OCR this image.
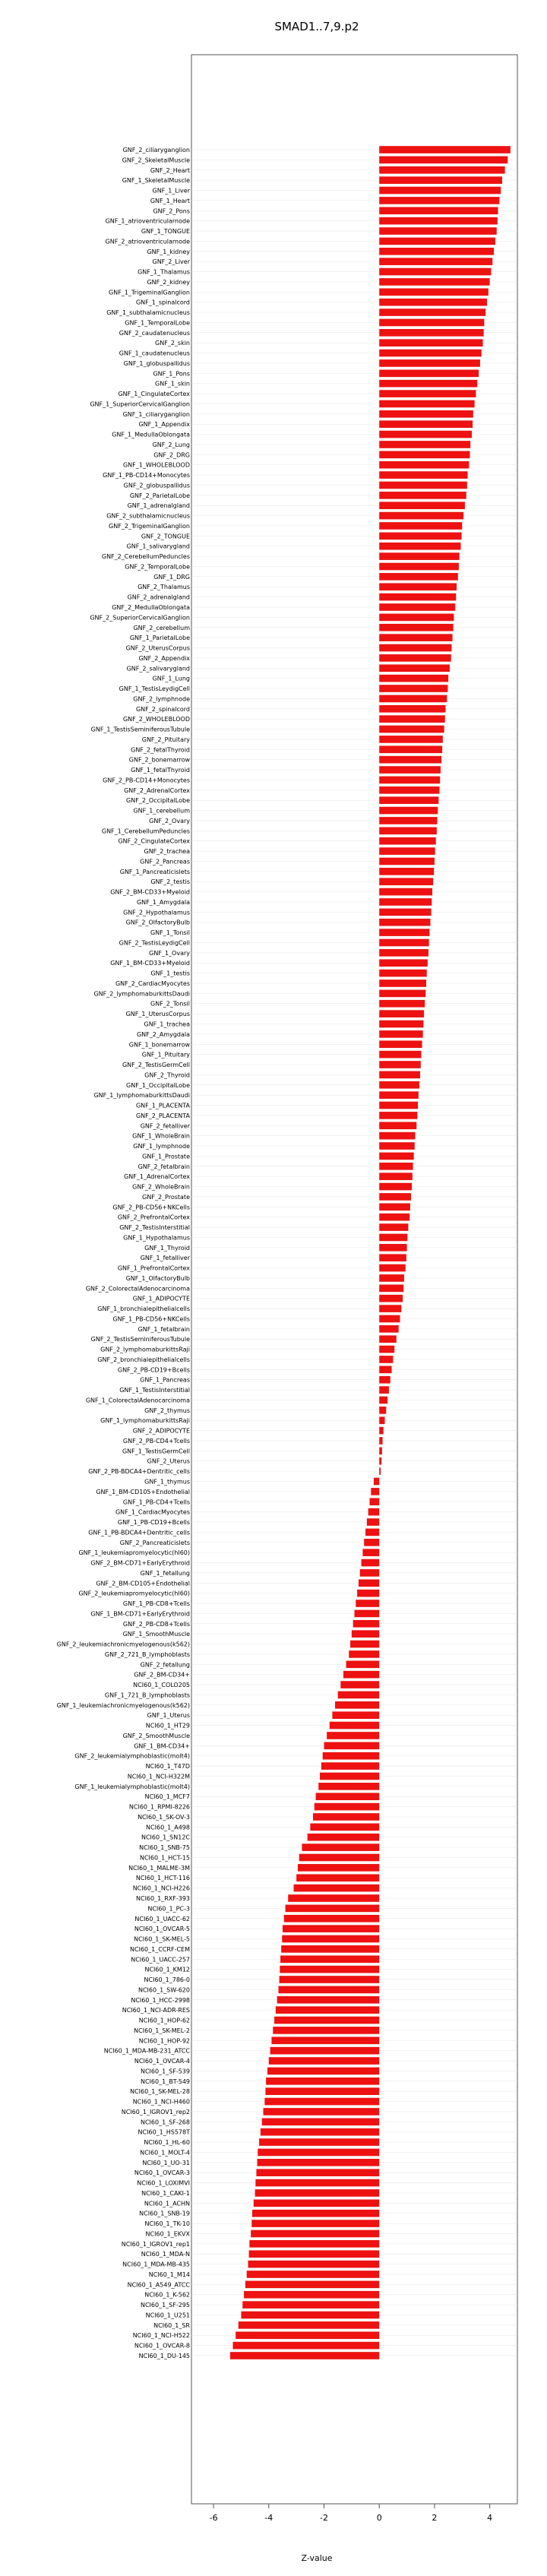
SMAD1..7,9.p2
GNF_2_ciliaryganglion
GNF_2_SkeletalMuscle
GNF_2_Heart
GNF_1_SkeletalMuscle
GNF_1_Liver
GNF_1_Heart
GNF_2_Pons
GNF_1_atrioventricularnode
GNF_1_TONGUE
GNF_2_atrioventricularnode
GNF_1_kidney
GNF_2_Liver
GNF_1_Thalamus
GNF_2_kidney
GNF_1_TrigeminalGanglion
GNF_1_spinalcord
GNF_1_subthalamicnucleus
GNF_1_TemporalLobe
GNF_2_caudatenucleus
GNF_2_skin
GNF_1_caudatenucleus
GNF_1_globuspallidus
GNF_1_Pons
GNF_1_skin
GNF_1_CingulateCortex
GNF_1_SuperiorCervicalGanglion
GNF_1_ciliaryganglion
GNF_1_Appendix
GNF_1_MedullaOblongata
GNF_2_Lung
GNF_2_DRG
GNF_1_WHOLEBLOOD
GNF_1_PB-CD14+Monocytes
GNF_2_globuspallidus
GNF_2_ParietalLobe
GNF_1_adrenalgland
GNF_2_subthalamicnucleus
GNF_2_TrigeminalGanglion
GNF_2_TONGUE
GNF_1_salivarygland
GNF_2_CerebellumPeduncles
GNF_2_TemporalLobe
GNF_1_DRG
GNF_2_Thalamus
GNF_2_adrenalgland
GNF_2_MedullaOblongata
GNF_2_SuperiorCervicalGanglion
GNF_2_cerebellum
GNF_1_ParietalLobe
GNF_2_UterusCorpus
GNF_2_Appendix
GNF_2_salivarygland
GNF_1_Lung
GNF_1_TestisLeydigCell
GNF_2_lymphnode
GNF_2_spinalcord
GNF_2_WHOLEBLOOD
GNF_1_TestisSeminiferousTubule
GNF_2_Pituitary
GNF_2_fetalThyroid
GNF_2_bonemarrow
GNF_1_fetalThyroid
GNF_2_PB-CD14+Monocytes
GNF_2_AdrenalCortex
GNF_2_OccipitalLobe
GNF_1_cerebellum
GNF_2_Ovary
GNF_1_CerebellumPeduncles
GNF_2_CingulateCortex
GNF_2_trachea
GNF_2_Pancreas
GNF_1_Pancreaticislets
GNF_2_testis
GNF_2_BM-CD33+Myeloid
GNF_1_Amygdala
GNF_2_Hypothalamus
GNF_2_OlfactoryBulb
GNF_1_Tonsil
GNF_2_TestisLeydigCell
GNF_1_Ovary
GNF_1_BM-CD33+Myeloid
GNF_1_testis
GNF_2_CardiacMyocytes
GNF_2_lymphomaburkittsDaudi
GNF_2_Tonsil
GNF_1_UterusCorpus
GNF_1_trachea
GNF_2_Amygdala
GNF_1_bonemarrow
GNF_1_Pituitary
GNF_2_TestisGermCell
GNF_2_Thyroid
GNF_1_OccipitalLobe
GNF_1_lymphomaburkittsDaudi
GNF_1_PLACENTA
GNF_2_PLACENTA
GNF_2_fetalliver
GNF_1_WholeBrain
GNF_1_lymphnode
GNF_1_Prostate
GNF_2_fetalbrain
GNF_1_AdrenalCortex
GNF_2_WholeBrain
GNF_2_Prostate
GNF_2_PB-CD56+NKCells
GNF_2_PrefrontalCortex
GNF_2_TestisInterstitial
GNF_1_Hypothalamus
GNF_1_Thyroid
GNF_1_fetalliver
GNF_1_PrefrontalCortex
GNF_1_OlfactoryBulb
GNF_2_ColorectalAdenocarcinoma
GNF_1_ADIPOCYTE
GNF_1_bronchialepithelialcells
GNF_1_PB-CD56+NKCells
GNF_1_fetalbrain
GNF_2_TestisSeminiferousTubule
GNF_2_lymphomaburkittsRaji
GNF_2_bronchialepithelialcells
GNF_2_PB-CD19+Bcells
GNF_1_Pancreas
GNF_1_TestisInterstitial
GNF_1_ColorectalAdenocarcinoma
GNF_2_thymus
GNF_1_lymphomaburkittsRaji
GNF_2_ADIPOCYTE
GNF_2_PB-CD4+Tcells
GNF_1_TestisGermCell
GNF_2_Uterus
GNF_2_PB-BDCA4+Dentritic_cells
GNF_1_thymus
GNF_1_BM-CD105+Endothelial
GNF_1_PB-CD4+Tcells
GNF_1_CardiacMyocytes
GNF_1_PB-CD19+Bcells
GNF_1_PB-BDCA4+Dentritic_cells
GNF_2_Pancreaticislets
GNF_1_leukemiapromyelocytic(hl60)
GNF_2_BM-CD71+EarlyErythroid
GNF_1_fetallung
GNF_2_BM-CD105+Endothelial
GNF_2_leukemiapromyelocytic(hl60)
GNF_1_PB-CD8+Tcells
GNF_1_BM-CD71+EarlyErythroid
GNF_2_PB-CD8+Tcells
GNF_1_SmoothMuscle
GNF_2_leukemiachronicmyelogenous(k562)
GNF_2_721_B_lymphoblasts
GNF_2_fetallung
GNF_2_BM-CD34+
NCI60_1_COLO205
GNF_1_721_B_lymphoblasts
GNF_1_leukemiachronicmyelogenous(k562)
GNF_1_Uterus
NCI60_1_HT29
GNF_2_SmoothMuscle
GNF_1_BM-CD34+
GNF_2_leukemialymphoblastic(molt4)
NCI60_1_T47D
NCI60_1_NCI-H322M
GNF_1_leukemialymphoblastic(molt4)
NCI60_1_MCF7
NCI60_1_RPMI-8226
NCI60_1_SK-OV-3
NCI60_1_A498
NCI60_1_SN12C
NCI60_1_SNB-75
NCI60_1_HCT-15
NCI60_1_MALME-3M
NCI60_1_HCT-116
NCI60_1_NCI-H226
NCI60_1_RXF-393
NCI60_1_PC-3
NCI60_1_UACC-62
NCI60_1_OVCAR-5
NCI60_1_SK-MEL-5
NCI60_1_CCRF-CEM
NCI60_1_UACC-257
NCI60_1_KM12
NCI60_1_786-0
NCI60_1_SW-620
NCI60_1_HCC-2998
NCI60_1_NCI-ADR-RES
NCI60_1_HOP-62
NCI60_1_SK-MEL-2
NCI60_1_HOP-92
NCI60_1_MDA-MB-231_ATCC
NCI60_1_OVCAR-4
NCI60_1_SF-539
NCI60_1_BT-549
NCI60_1_SK-MEL-28
NCI60_1_NCI-H460
NCI60_1_IGROV1_rep2
NCI60_1_SF-268
NCI60_1_HS578T
NCI60_1_HL-60
NCI60_1_MOLT-4
NCI60_1_UO-31
NCI60_1_OVCAR-3
NCI60_1_LOXIMVI
NCI60_1_CAKI-1
NCI60_1_ACHN
NCI60_1_SNB-19
NCI60_1_TK-10
NCI60_1_EKVX
NCI60_1_IGROV1_rep1
NCI60_1_MDA-N
NCI60_1_MDA-MB-435
NCI60_1_M14
NCI60_1_A549_ATCC
NCI60_1_K-562
NCI60_1_SF-295
NCI60_1_U251
NCI60_1_SR
NCI60_1_NCI-H522
NCI60_1_OVCAR-8
NCI60_1_DU-145
-6	-4	-2	0	2	4
Z-value
